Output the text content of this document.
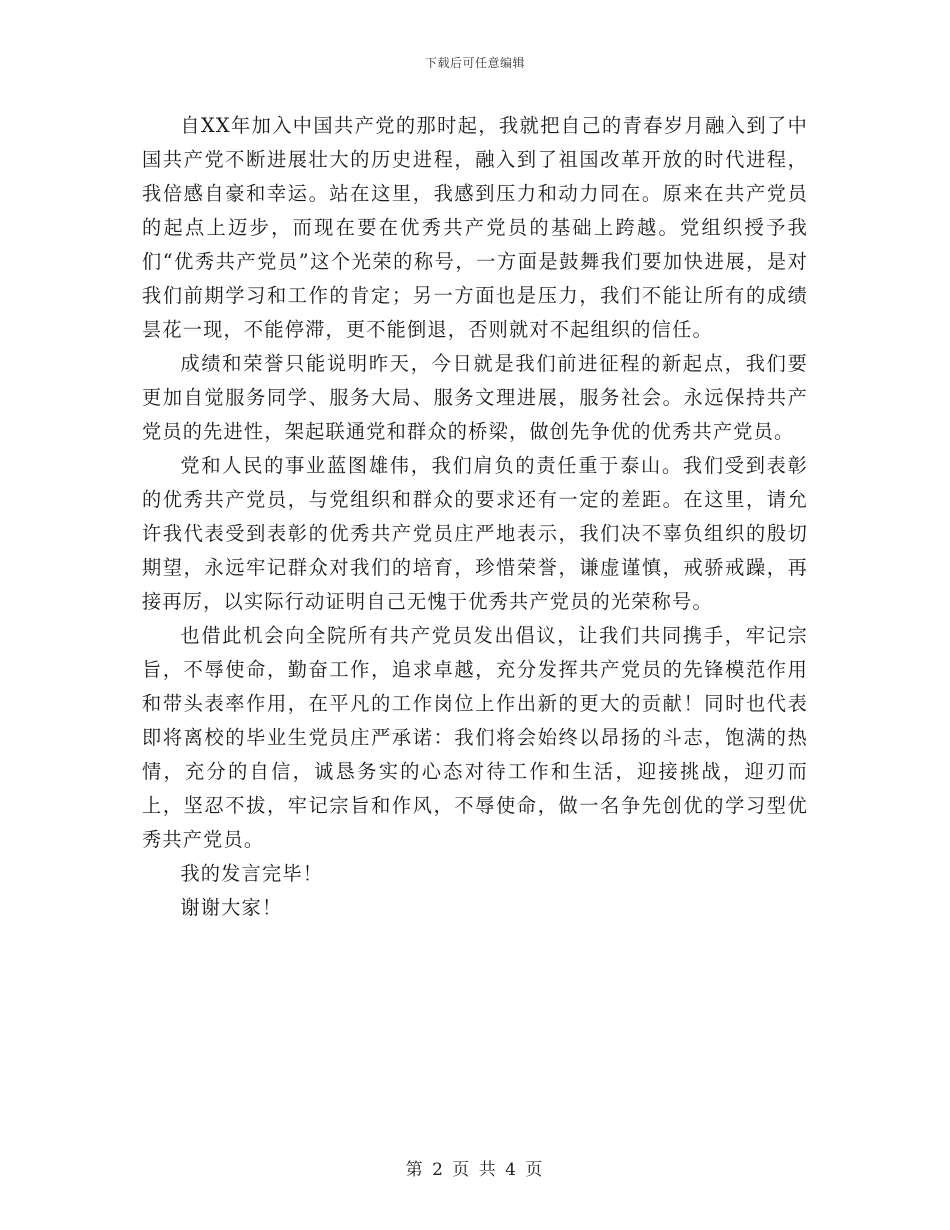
下载后可任意编辑

自XX年加入中国共产党的那时起，我就把自己的青春岁月融入到了中国共产党不断进展壮大的历史进程，融入到了祖国改革开放的时代进程，我倍感自豪和幸运。站在这里，我感到压力和动力同在。原来在共产党员的起点上迈步，而现在要在优秀共产党员的基础上跨越。党组织授予我们“优秀共产党员”这个光荣的称号，一方面是鼓舞我们要加快进展，是对我们前期学习和工作的肯定；另一方面也是压力，我们不能让所有的成绩昙花一现，不能停滞，更不能倒退，否则就对不起组织的信任。

成绩和荣誉只能说明昨天，今日就是我们前进征程的新起点，我们要更加自觉服务同学、服务大局、服务文理进展，服务社会。永远保持共产党员的先进性，架起联通党和群众的桥梁，做创先争优的优秀共产党员。

党和人民的事业蓝图雄伟，我们肩负的责任重于泰山。我们受到表彰的优秀共产党员，与党组织和群众的要求还有一定的差距。在这里，请允许我代表受到表彰的优秀共产党员庄严地表示，我们决不辜负组织的殷切期望，永远牢记群众对我们的培育，珍惜荣誉，谦虚谨慎，戒骄戒躁，再接再厉，以实际行动证明自己无愧于优秀共产党员的光荣称号。

也借此机会向全院所有共产党员发出倡议，让我们共同携手，牢记宗旨，不辱使命，勤奋工作，追求卓越，充分发挥共产党员的先锋模范作用和带头表率作用，在平凡的工作岗位上作出新的更大的贡献！同时也代表即将离校的毕业生党员庄严承诺：我们将会始终以昂扬的斗志，饱满的热情，充分的自信，诚恳务实的心态对待工作和生活，迎接挑战，迎刃而上，坚忍不拔，牢记宗旨和作风，不辱使命，做一名争先创优的学习型优秀共产党员。

我的发言完毕！

谢谢大家！

第 2 页 共 4 页
